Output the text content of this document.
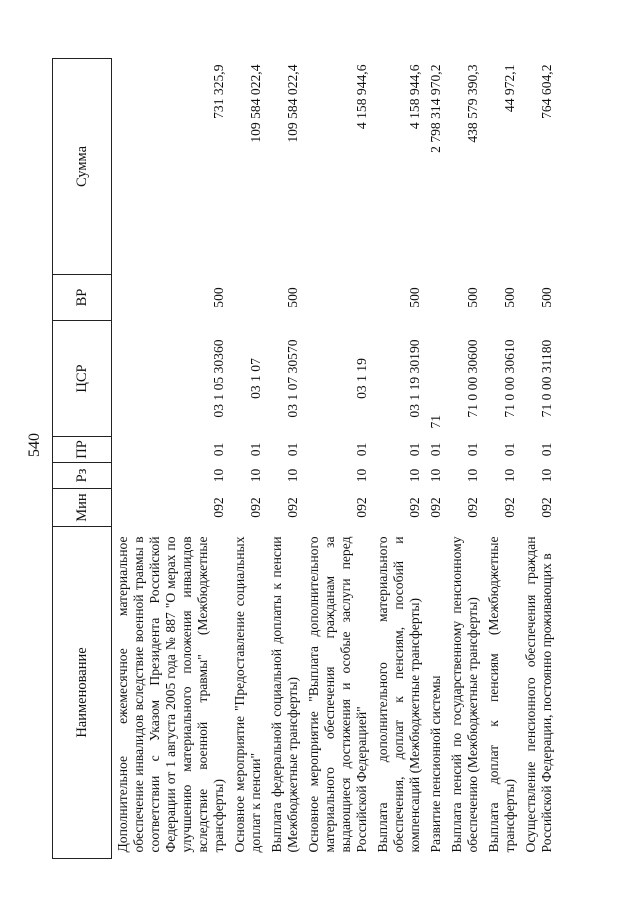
540
Наименование	Мин	Рз	ПР	ЦСР	ВР	Сумма
Дополнительное ежемесячное материальное обеспечение инвалидов вследствие военной травмы в соответствии с Указом Президента Российской Федерации от 1 августа 2005 года № 887 "О мерах по улучшению материального положения инвалидов вследствие военной травмы" (Межбюджетные трансферты)	092	10	01	03 1 05 30360	500	731 325,9
Основное мероприятие "Предоставление социальных доплат к пенсии"	092	10	01	03 1 07		109 584 022,4
Выплата федеральной социальной доплаты к пенсии (Межбюджетные трансферты)	092	10	01	03 1 07 30570	500	109 584 022,4
Основное мероприятие "Выплата дополнительного материального обеспечения гражданам за выдающиеся достижения и особые заслуги перед Российской Федерацией"	092	10	01	03 1 19		4 158 944,6
Выплата дополнительного материального обеспечения, доплат к пенсиям, пособий и компенсаций (Межбюджетные трансферты)	092	10	01	03 1 19 30190	500	4 158 944,6
Развитие пенсионной системы	092	10	01	71		2 798 314 970,2
Выплата пенсий по государственному пенсионному обеспечению (Межбюджетные трансферты)	092	10	01	71 0 00 30600	500	438 579 390,3
Выплата доплат к пенсиям (Межбюджетные трансферты)	092	10	01	71 0 00 30610	500	44 972,1
Осуществление пенсионного обеспечения граждан Российской Федерации, постоянно проживающих в	092	10	01	71 0 00 31180	500	764 604,2
